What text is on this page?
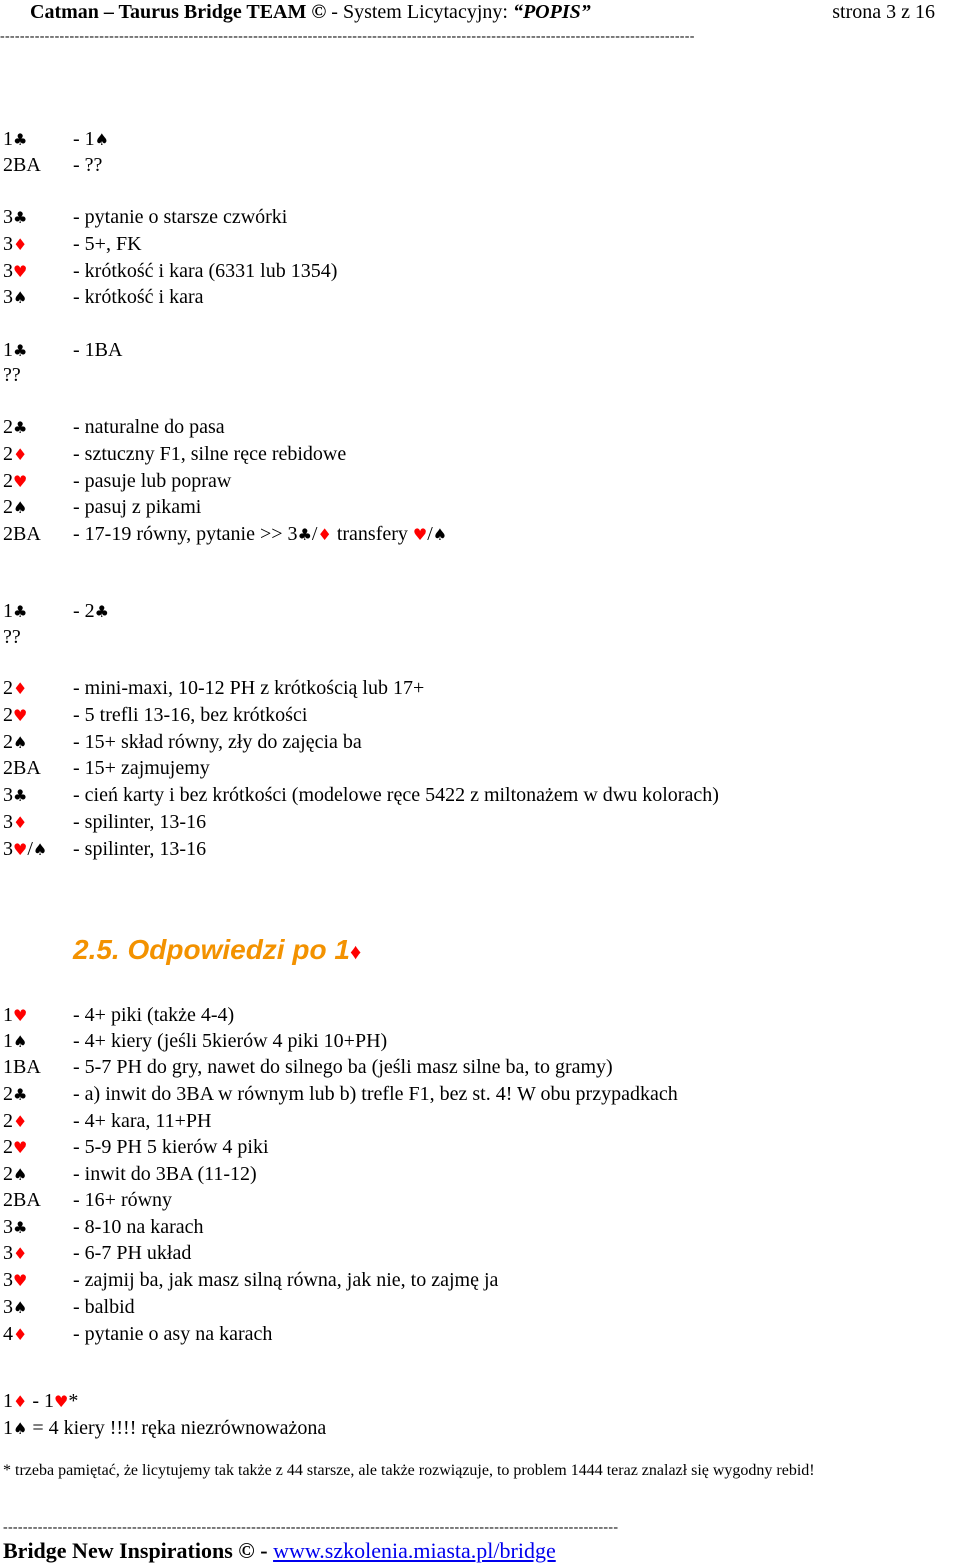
Catman – Taurus Bridge TEAM © - System Licytacyjny: “POPIS”	strona 3 z 16
--------------------------------------------------------------------------------------------------------------------------------------------
1♣ - 1♠
2BA - ??
3♣ - pytanie o starsze czwórki
3♦ - 5+, FK
3♥ - krótkość i kara (6331 lub 1354)
3♠ - krótkość i kara
1♣ - 1BA
??
2♣ - naturalne do pasa
2♦ - sztuczny F1, silne ręce rebidowe
2♥ - pasuje lub popraw
2♠ - pasuj z pikami
2BA - 17-19 równy, pytanie >> 3♣/♦ transfery ♥/♠
1♣ - 2♣
??
2♦ - mini-maxi, 10-12 PH z krótkością lub 17+
2♥ - 5 trefli 13-16, bez krótkości
2♠ - 15+ skład równy, zły do zajęcia ba
2BA - 15+ zajmujemy
3♣ - cień karty i bez krótkości (modelowe ręce 5422 z miltonażem w dwu kolorach)
3♦ - spilinter, 13-16
3♥/♠ - spilinter, 13-16
2.5. Odpowiedzi po 1♦
1♥ - 4+ piki (także 4-4)
1♠ - 4+ kiery (jeśli 5kierów 4 piki 10+PH)
1BA - 5-7 PH do gry, nawet do silnego ba (jeśli masz silne ba, to gramy)
2♣ - a) inwit do 3BA w równym lub b) trefle F1, bez st. 4! W obu przypadkach
2♦ - 4+ kara, 11+PH
2♥ - 5-9 PH 5 kierów 4 piki
2♠ - inwit do 3BA (11-12)
2BA - 16+ równy
3♣ - 8-10 na karach
3♦ - 6-7 PH układ
3♥ - zajmij ba, jak masz silną równa, jak nie, to zajmę ja
3♠ - balbid
4♦ - pytanie o asy na karach
1♦ - 1♥*
1♠ = 4 kiery !!!! ręka niezrównoważona
* trzeba pamiętać, że licytujemy tak także z 44 starsze, ale także rozwiązuje, to problem 1444 teraz znalazł się wygodny rebid!
----------------------------------------------------------------------------------------------------------------------------
Bridge New Inspirations © - www.szkolenia.miasta.pl/bridge
